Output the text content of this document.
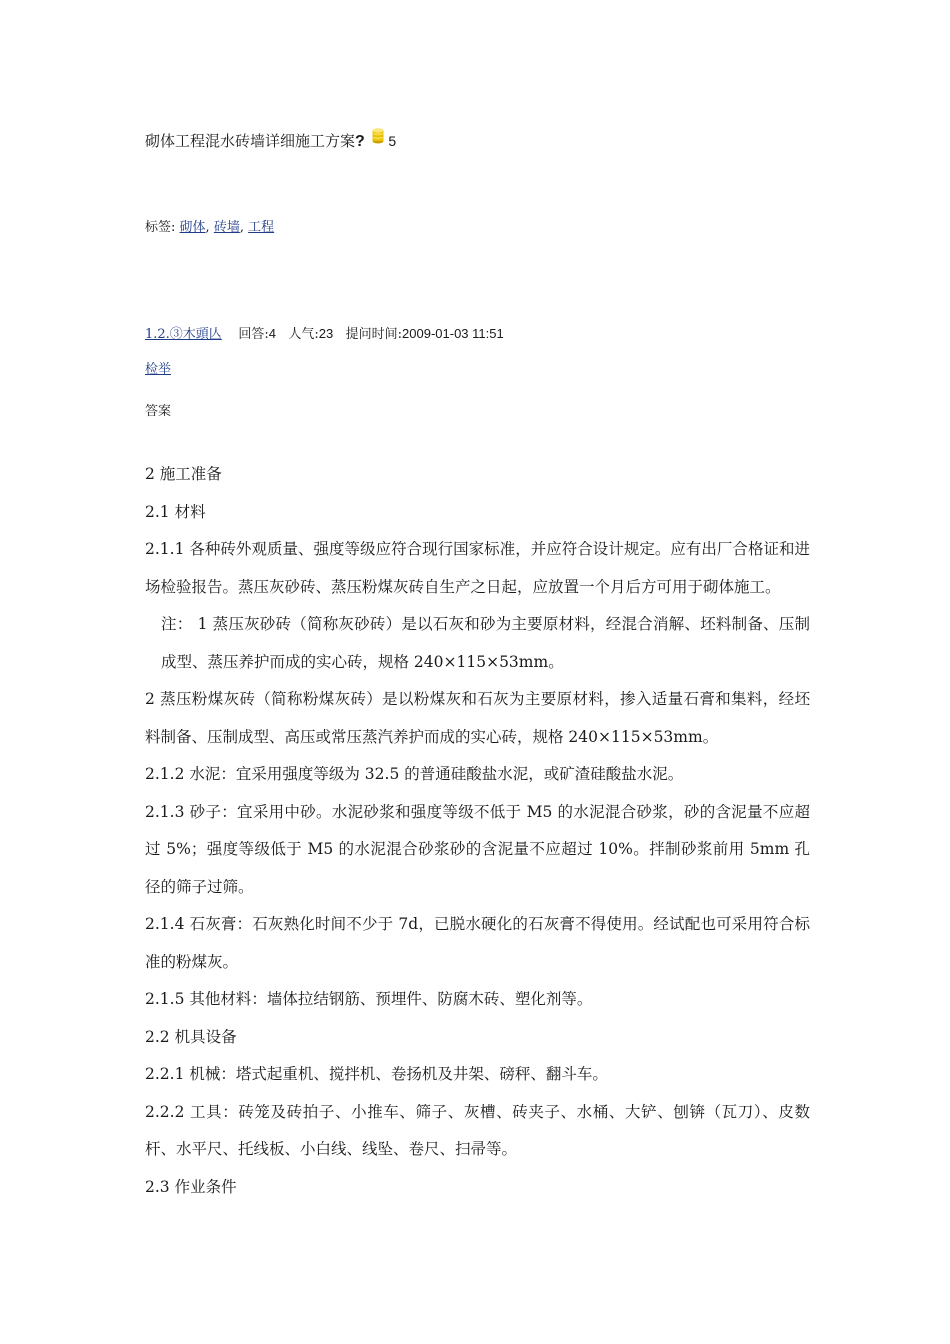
砌体工程混水砖墙详细施工方案? 5
标签: 砌体, 砖墙, 工程
1.2.③木頭亾 回答:4 人气:23 提问时间:2009-01-03 11:51
检举
答案

2 施工准备

2.1 材料

2.1.1 各种砖外观质量、强度等级应符合现行国家标准，并应符合设计规定。应有出厂合格证和进场检验报告。蒸压灰砂砖、蒸压粉煤灰砖自生产之日起，应放置一个月后方可用于砌体施工。

注： 1 蒸压灰砂砖（简称灰砂砖）是以石灰和砂为主要原材料，经混合消解、坯料制备、压制成型、蒸压养护而成的实心砖，规格 240×115×53mm。

2 蒸压粉煤灰砖（简称粉煤灰砖）是以粉煤灰和石灰为主要原材料，掺入适量石膏和集料，经坯料制备、压制成型、高压或常压蒸汽养护而成的实心砖，规格 240×115×53mm。

2.1.2 水泥：宜采用强度等级为 32.5 的普通硅酸盐水泥，或矿渣硅酸盐水泥。

2.1.3 砂子：宜采用中砂。水泥砂浆和强度等级不低于 M5 的水泥混合砂浆，砂的含泥量不应超过 5%；强度等级低于 M5 的水泥混合砂浆砂的含泥量不应超过 10%。拌制砂浆前用 5mm 孔径的筛子过筛。

2.1.4 石灰膏：石灰熟化时间不少于 7d，已脱水硬化的石灰膏不得使用。经试配也可采用符合标准的粉煤灰。

2.1.5 其他材料：墙体拉结钢筋、预埋件、防腐木砖、塑化剂等。

2.2 机具设备

2.2.1 机械：塔式起重机、搅拌机、卷扬机及井架、磅秤、翻斗车。

2.2.2 工具：砖笼及砖拍子、小推车、筛子、灰槽、砖夹子、水桶、大铲、刨锛（瓦刀）、皮数杆、水平尺、托线板、小白线、线坠、卷尺、扫帚等。

2.3 作业条件
